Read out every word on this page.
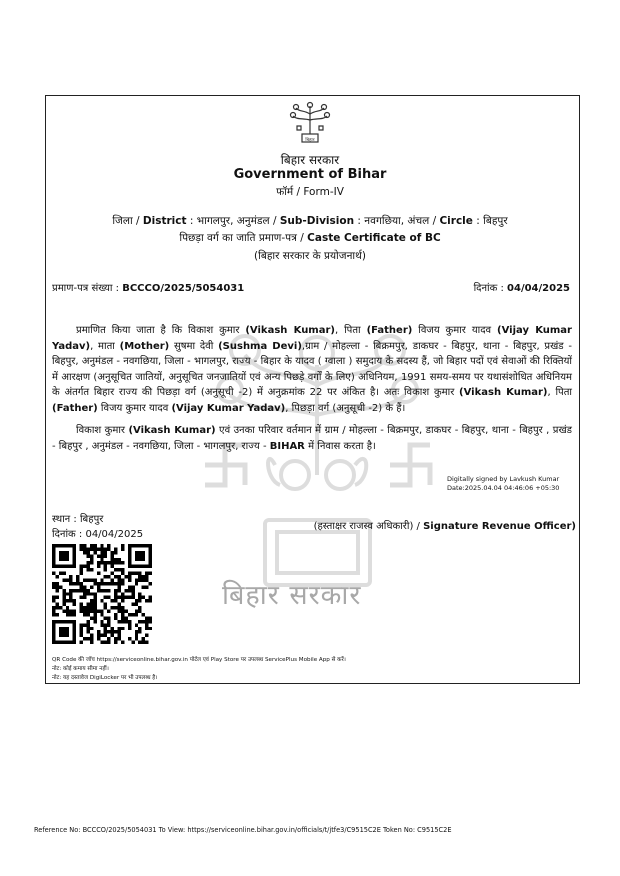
बिहार
बिहार सरकार
बिहार सरकार
Government of Bihar
फॉर्म / Form-IV
जिला / District : भागलपुर, अनुमंडल / Sub-Division : नवगछिया, अंचल / Circle : बिहपुर
पिछड़ा वर्ग का जाति प्रमाण-पत्र / Caste Certificate of BC
(बिहार सरकार के प्रयोजनार्थ)
प्रमाण-पत्र संख्या : BCCCO/2025/5054031	दिनांक : 04/04/2025
प्रमाणित किया जाता है कि विकाश कुमार (Vikash Kumar), पिता (Father) विजय कुमार यादव (Vijay Kumar Yadav), माता (Mother) सुषमा देवी (Sushma Devi),ग्राम / मोहल्ला - बिक्रमपुर, डाकघर - बिहपुर, थाना - बिहपुर, प्रखंड - बिहपुर, अनुमंडल - नवगछिया, जिला - भागलपुर, राज्य - बिहार के यादव ( ग्वाला ) समुदाय के सदस्य हैं, जो बिहार पदों एवं सेवाओं की रिक्तियों में आरक्षण (अनुसूचित जातियों, अनुसूचित जनजातियों एवं अन्य पिछड़े वर्गों के लिए) अधिनियम, 1991 समय-समय पर यथासंशोधित अधिनियम के अंतर्गत बिहार राज्य की पिछड़ा वर्ग (अनुसूची -2) में अनुक्रमांक 22 पर अंकित है। अतः विकाश कुमार (Vikash Kumar), पिता (Father) विजय कुमार यादव (Vijay Kumar Yadav), पिछड़ा वर्ग (अनुसूची -2) के हैं।
विकाश कुमार (Vikash Kumar) एवं उनका परिवार वर्तमान में ग्राम / मोहल्ला - बिक्रमपुर, डाकघर - बिहपुर, थाना - बिहपुर , प्रखंड - बिहपुर , अनुमंडल - नवगछिया, जिला - भागलपुर, राज्य - BIHAR में निवास करता है।
Digitally signed by Lavkush Kumar
Date:2025.04.04 04:46:06 +05:30
स्थान : बिहपुर
दिनांक : 04/04/2025
(हस्ताक्षर राजस्व अधिकारी) / Signature Revenue Officer)
QR Code की जाँच https://serviceonline.bihar.gov.in पोर्टल एवं Play Store पर उपलब्ध ServicePlus Mobile App से करें।
नोट: कोई कमाय सीमा नहीं।
नोट: यह दस्तावेज DigiLocker पर भी उपलब्ध है।
Reference No: BCCCO/2025/5054031 To View: https://serviceonline.bihar.gov.in/officials/t/jtfe3/C9515C2E Token No: C9515C2E
